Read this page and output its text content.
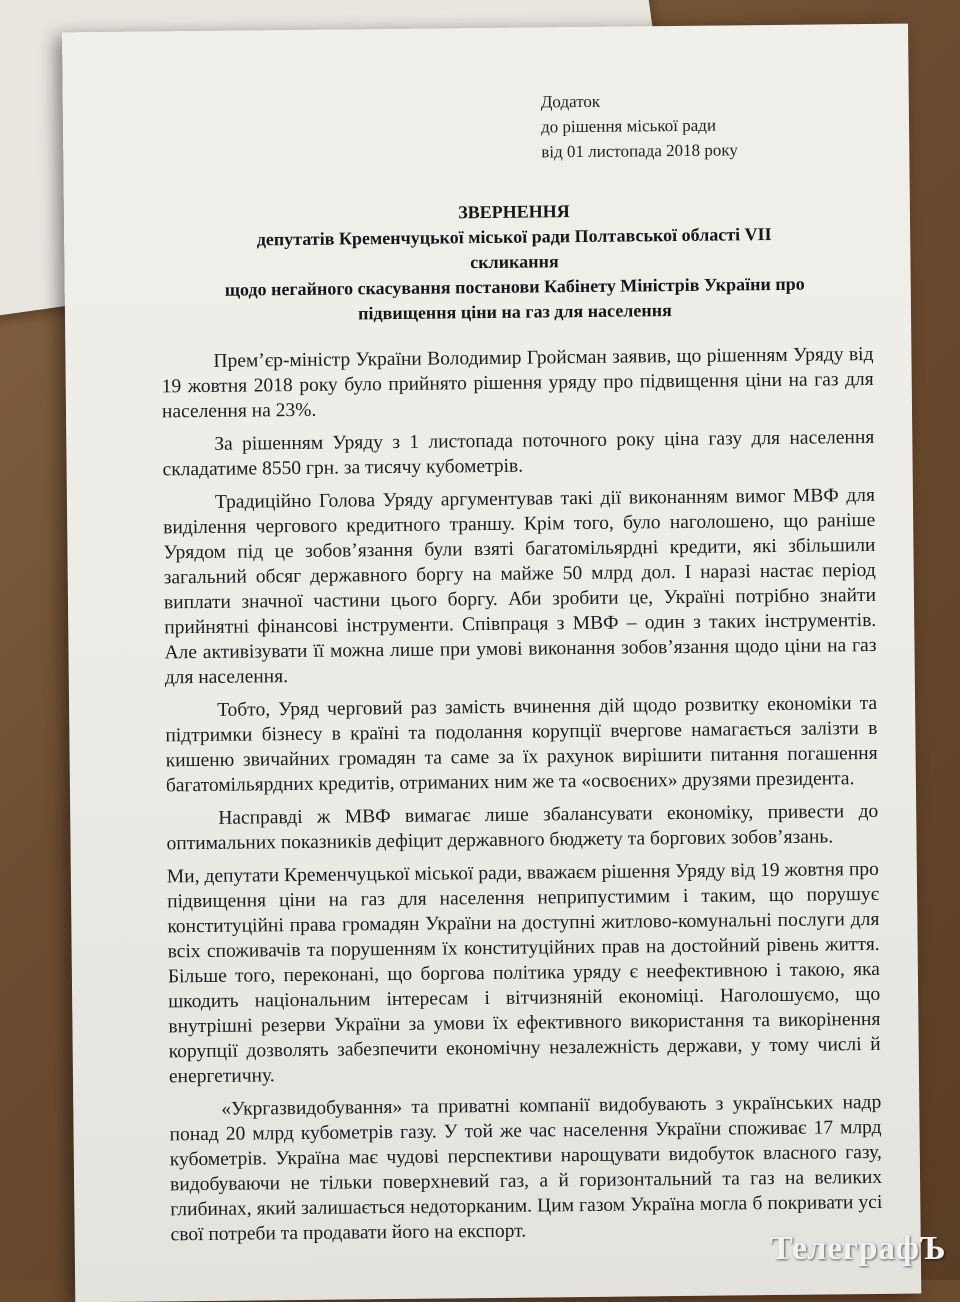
Додаток
до рішення міської ради
від 01 листопада 2018 року
ЗВЕРНЕННЯ
депутатів Кременчуцької міської ради Полтавської області VII
скликання
щодо негайного скасування постанови Кабінету Міністрів України про
підвищення ціни на газ для населення

Прем’єр-міністр України Володимир Гройсман заявив, що рішенням Уряду від 19 жовтня 2018 року було прийнято рішення уряду про підвищення ціни на газ для населення на 23%.

За рішенням Уряду з 1 листопада поточного року ціна газу для населення складатиме 8550 грн. за тисячу кубометрів.

Традиційно Голова Уряду аргументував такі дії виконанням вимог МВФ для виділення чергового кредитного траншу. Крім того, було наголошено, що раніше Урядом під це зобов’язання були взяті багатомільярдні кредити, які збільшили загальний обсяг державного боргу на майже 50 млрд дол. І наразі настає період виплати значної частини цього боргу. Аби зробити це, Україні потрібно знайти прийнятні фінансові інструменти. Співпраця з МВФ – один з таких інструментів. Але активізувати її можна лише при умові виконання зобов’язання щодо ціни на газ для населення.

Тобто, Уряд черговий раз замість вчинення дій щодо розвитку економіки та підтримки бізнесу в країні та подолання корупції вчергове намагається залізти в кишеню звичайних громадян та саме за їх рахунок вирішити питання погашення багатомільярдних кредитів, отриманих ним же та «освоєних» друзями президента.

Насправді ж МВФ вимагає лише збалансувати економіку, привести до оптимальних показників дефіцит державного бюджету та боргових зобов’язань.

Ми, депутати Кременчуцької міської ради, вважаєм рішення Уряду від 19 жовтня про підвищення ціни на газ для населення неприпустимим і таким, що порушує конституційні права громадян України на доступні житлово-комунальні послуги для всіх споживачів та порушенням їх конституційних прав на достойний рівень життя. Більше того, переконані, що боргова політика уряду є неефективною і такою, яка шкодить національним інтересам і вітчизняній економіці. Наголошуємо, що внутрішні резерви України за умови їх ефективного використання та викорінення корупції дозволять забезпечити економічну незалежність держави, у тому числі й енергетичну.

«Укргазвидобування» та приватні компанії видобувають з українських надр понад 20 млрд кубометрів газу. У той же час населення України споживає 17 млрд кубометрів. Україна має чудові перспективи нарощувати видобуток власного газу, видобуваючи не тільки поверхневий газ, а й горизонтальний та газ на великих глибинах, який залишається недоторканим. Цим газом Україна могла б покривати усі свої потреби та продавати його на експорт.	ТелеграфЪ
